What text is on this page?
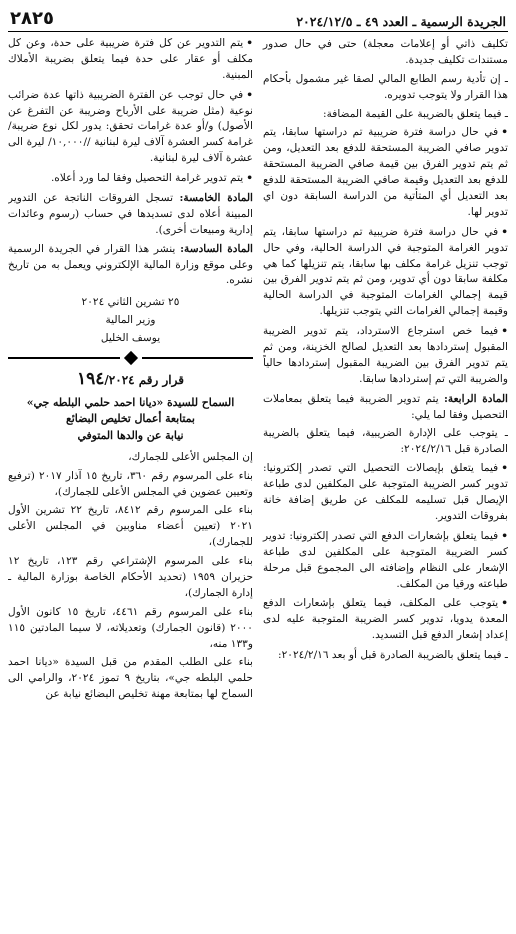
الجريدة الرسمية ـ العدد ٤٩ ـ ٢٠٢٤/١٢/٥
٢٨٢٥

تكليف ذاتي أو إعلامات معجلة) حتى في حال صدور مستندات تكليف جديدة.

ـ إن تأدية رسم الطابع المالي لصقا غير مشمول بأحكام هذا القرار ولا يتوجب تدويره.

ـ فيما يتعلق بالضريبة على القيمة المضافة:

•في حال دراسة فترة ضريبية تم دراستها سابقا، يتم تدوير صافي الضريبة المستحقة للدفع بعد التعديل، ومن ثم يتم تدوير الفرق بين قيمة صافي الضريبة المستحقة للدفع بعد التعديل وقيمة صافي الضريبة المستحقة للدفع بعد التعديل أي المتأتية من الدراسة السابقة دون اي تدوير لها.
•في حال دراسة فترة ضريبية تم دراستها سابقا، يتم تدوير الغرامة المتوجبة في الدراسة الحالية، وفي حال توجب تنزيل غرامة مكلف بها سابقا، يتم تنزيلها كما هي مكلفة سابقا دون أي تدوير، ومن ثم يتم تدوير الفرق بين قيمة إجمالي الغرامات المتوجبة في الدراسة الحالية وقيمة إجمالي الغرامات التي يتوجب تنزيلها.
•فيما خص استرجاع الاسترداد، يتم تدوير الضريبة المقبول إستردادها بعد التعديل لصالح الخزينة، ومن ثم يتم تدوير الفرق بين الضريبة المقبول إستردادها حالياً والضريبة التي تم إستردادها سابقا.

المادة الرابعة: يتم تدوير الضريبة فيما يتعلق بمعاملات التحصيل وفقا لما يلي:

ـ يتوجب على الإدارة الضريبية، فيما يتعلق بالضريبة الصادرة قبل ٢٠٢٤/٢/١٦:

•فيما يتعلق بإيصالات التحصيل التي تصدر إلكترونيا: تدوير كسر الضريبة المتوجبة على المكلفين لدى طباعة الإيصال قبل تسليمه للمكلف عن طريق إضافة خانة بفروقات التدوير.
•فيما يتعلق بإشعارات الدفع التي تصدر إلكترونيا: تدوير كسر الضريبة المتوجبة على المكلفين لدى طباعة الإشعار على النظام وإضافته الى المجموع قبل مرحلة طباعته ورقيا من المكلف.
•يتوجب على المكلف، فيما يتعلق بإشعارات الدفع المعدة يدويا، تدوير كسر الضريبة المتوجبة عليه لدى إعداد إشعار الدفع قبل التسديد.

ـ فيما يتعلق بالضريبة الصادرة قبل أو بعد ٢٠٢٤/٢/١٦:

•يتم التدوير عن كل فترة ضريبية على حدة، وعن كل مكلف أو عقار على حدة فيما يتعلق بضريبة الأملاك المبنية.
•في حال توجب عن الفترة الضريبية ذاتها عدة ضرائب نوعية (مثل ضريبة على الأرباح وضريبة عن التفرغ عن الأصول) و/أو عدة غرامات تحقق: يدور لكل نوع ضريبة/ غرامة كسر العشرة آلاف ليرة لبنانية //١٠,٠٠٠/ ليرة الى عشرة آلاف ليرة لبنانية.
•يتم تدوير غرامة التحصيل وفقا لما ورد أعلاه.

المادة الخامسة: تسجل الفروقات الناتجة عن التدوير المبينة أعلاه لدى تسديدها في حساب (رسوم وعائدات إدارية ومبيعات أخرى).

المادة السادسة: ينشر هذا القرار في الجريدة الرسمية وعلى موقع وزارة المالية الإلكتروني ويعمل به من تاريخ نشره.

٢٥ تشرين الثاني ٢٠٢٤

وزير المالية

يوسف الخليل

قرار رقم ١٩٤/٢٠٢٤
السماح للسيدة «ديانا احمد حلمي البلطه جي»
بمتابعة أعمال تخليص البضائع
نيابة عن والدها المتوفي

إن المجلس الأعلى للجمارك،

بناء على المرسوم رقم ٣٦٠، تاريخ ١٥ آذار ٢٠١٧ (ترفيع وتعيين عضوين في المجلس الأعلى للجمارك)،

بناء على المرسوم رقم ٨٤١٢، تاريخ ٢٢ تشرين الأول ٢٠٢١ (تعيين أعضاء مناوبين في المجلس الأعلى للجمارك)،

بناء على المرسوم الإشتراعي رقم ١٢٣، تاريخ ١٢ حزيران ١٩٥٩ (تحديد الأحكام الخاصة بوزارة المالية ـ إدارة الجمارك)،

بناء على المرسوم رقم ٤٤٦١، تاريخ ١٥ كانون الأول ٢٠٠٠ (قانون الجمارك) وتعديلاته، لا سيما المادتين ١١٥ و١٣٣ منه،

بناء على الطلب المقدم من قبل السيدة «ديانا احمد حلمي البلطه جي»، بتاريخ ٩ تموز ٢٠٢٤، والرامي الى السماح لها بمتابعة مهنة تخليص البضائع نيابة عن
